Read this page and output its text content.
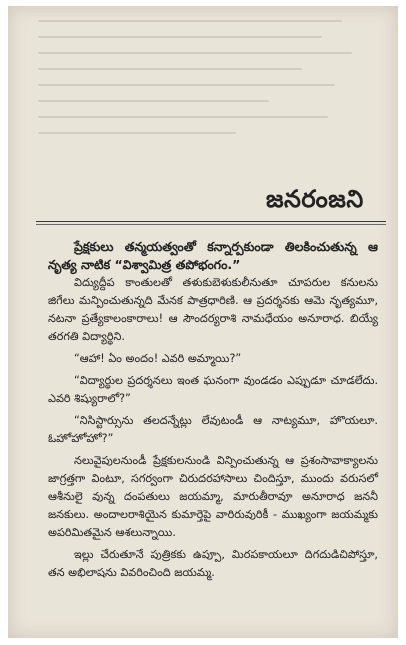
జనరంజని

ప్రేక్షకులు తన్మయత్వంతో కన్నార్పకుండా తిలకించుతున్న ఆ నృత్య నాటిక “విశ్వామిత్ర తపోభంగం.”

విద్యుద్దీప కాంతులతో తళుకుబెళుకులీనుతూ చూపరుల కనులను జిగేలు మన్పించుతున్నది మేనక పాత్రధారిణి. ఆ ప్రదర్శనకు ఆమె నృత్యమూ, నటనా ప్రత్యేకాలంకారాలు! ఆ సౌందర్యరాశి నామధేయం అనూరాధ. బియ్యే తరగతి విద్యార్థిని.

“ఆహా! ఏం అందం! ఎవరి అమ్మాయి?”

“విద్యార్థుల ప్రదర్శనలు ఇంత ఘనంగా వుండడం ఎప్పుడూ చూడలేదు. ఎవరి శిష్యురాలో?”

“నిసిస్టార్సును తలదన్నేట్లు లేవుటండీ ఆ నాట్యమూ, హొయలూ. ఓహోహోహో?”

నలువైపులనుండీ ప్రేక్షకులనుండి విన్పించుతున్న ఆ ప్రశంసావాక్యాలను జాగ్రత్తగా వింటూ, సగర్వంగా చిరుదరహాసాలు చిందిస్తూ, ముందు వరుసలో ఆశీనులై వున్న దంపతులు జయమ్మా, మారుతీరావూ అనూరాధ జననీ జనకులు. అందాలరాశియైన కుమార్తెపై వారిరువురికీ - ముఖ్యంగా జయమ్మకు అపరిమితమైన ఆశలున్నాయి.

ఇల్లు చేరుతూనే పుత్రికకు ఉప్పూ, మిరపకాయలూ దిగదుడిచిపోస్తూ, తన అభిలాషను వివరించింది జయమ్మ.
